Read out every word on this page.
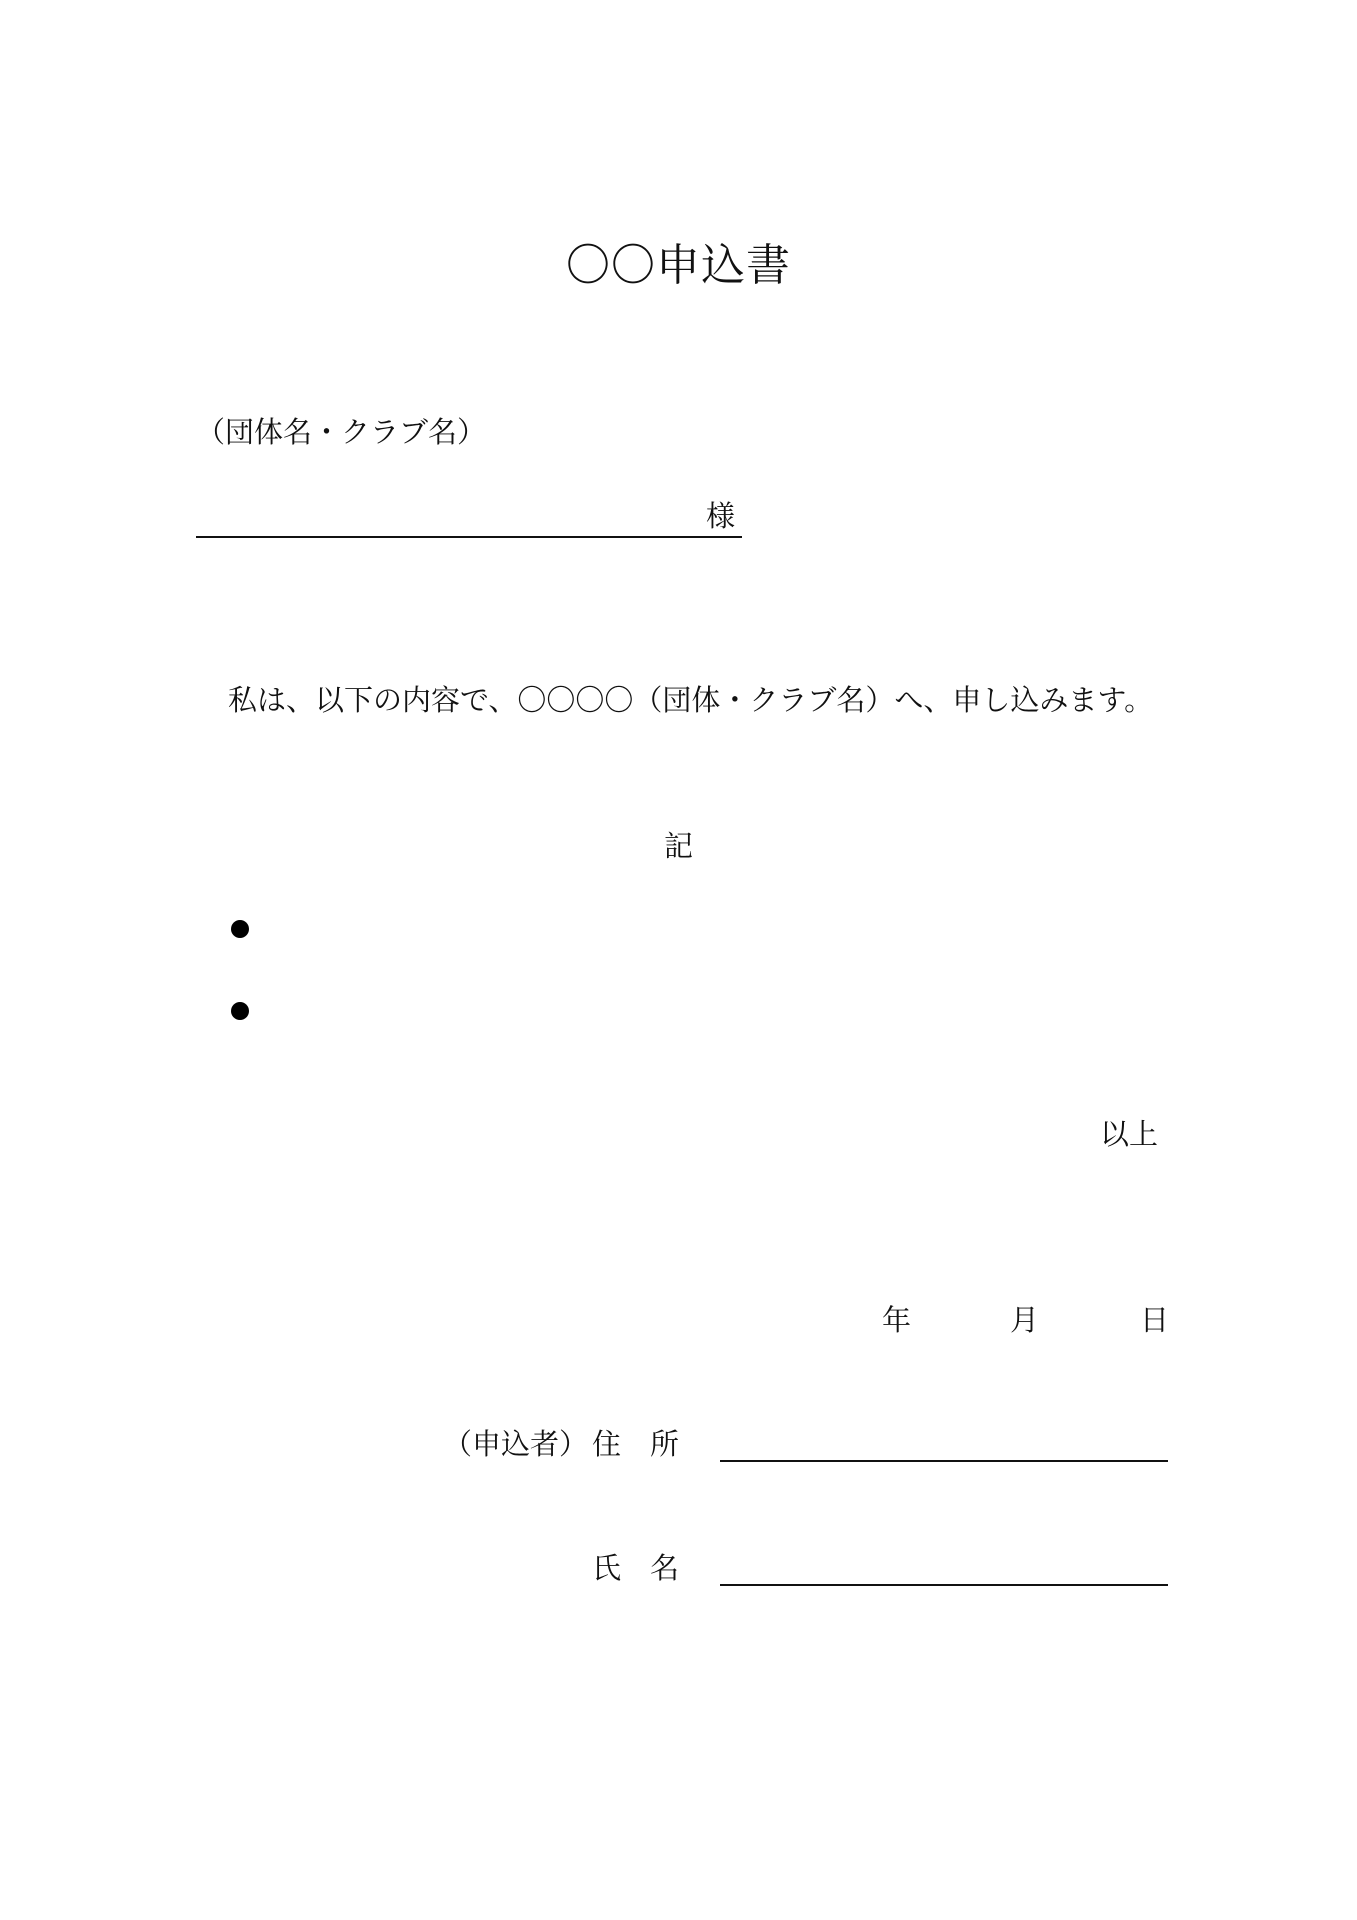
〇〇申込書
（団体名・クラブ名）
様
私は、以下の内容で、〇〇〇〇（団体・クラブ名）へ、申し込みます。
記
以上
年	月	日
（申込者） 住　所
氏　名
